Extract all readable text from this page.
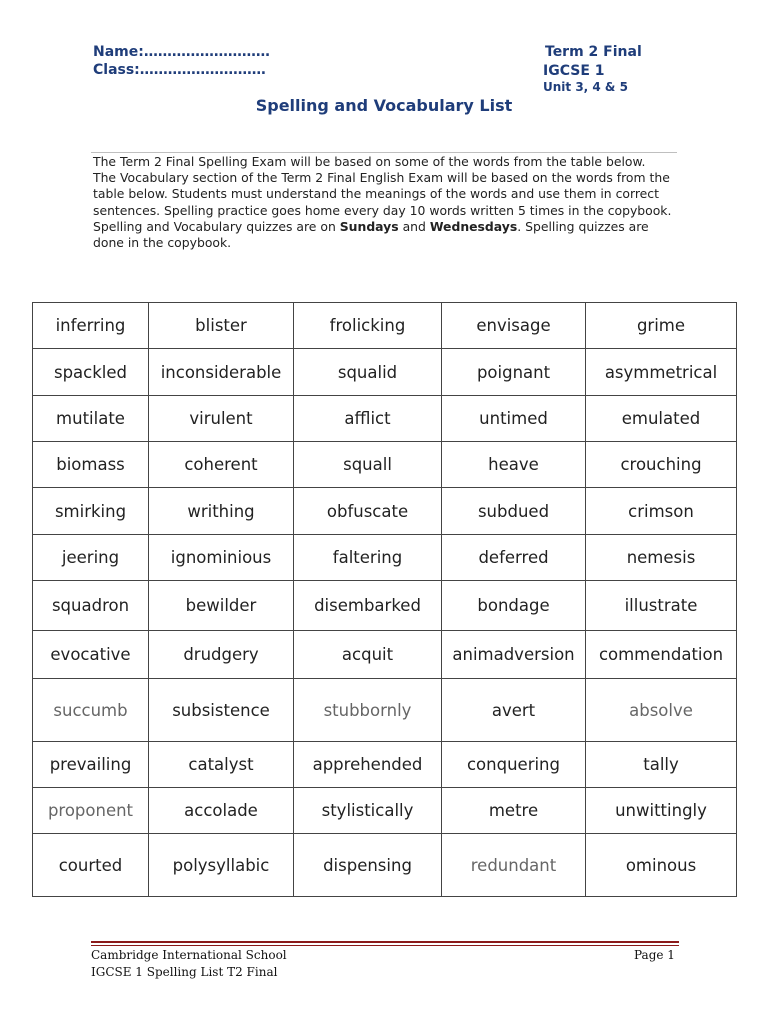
Name:………………………
Class:………………………
Term 2 Final
IGCSE 1
Unit 3, 4 & 5
Spelling and Vocabulary List
The Term 2 Final Spelling Exam will be based on some of the words from the table below.
The Vocabulary section of the Term 2 Final English Exam will be based on the words from the table below. Students must understand the meanings of the words and use them in correct sentences. Spelling practice goes home every day 10 words written 5 times in the copybook. Spelling and Vocabulary quizzes are on Sundays and Wednesdays. Spelling quizzes are done in the copybook.
inferring	blister	frolicking	envisage	grime
spackled	inconsiderable	squalid	poignant	asymmetrical
mutilate	virulent	afflict	untimed	emulated
biomass	coherent	squall	heave	crouching
smirking	writhing	obfuscate	subdued	crimson
jeering	ignominious	faltering	deferred	nemesis
squadron	bewilder	disembarked	bondage	illustrate
evocative	drudgery	acquit	animadversion	commendation
succumb	subsistence	stubbornly	avert	absolve
prevailing	catalyst	apprehended	conquering	tally
proponent	accolade	stylistically	metre	unwittingly
courted	polysyllabic	dispensing	redundant	ominous
Cambridge International School	Page 1
IGCSE 1 Spelling List T2 Final
